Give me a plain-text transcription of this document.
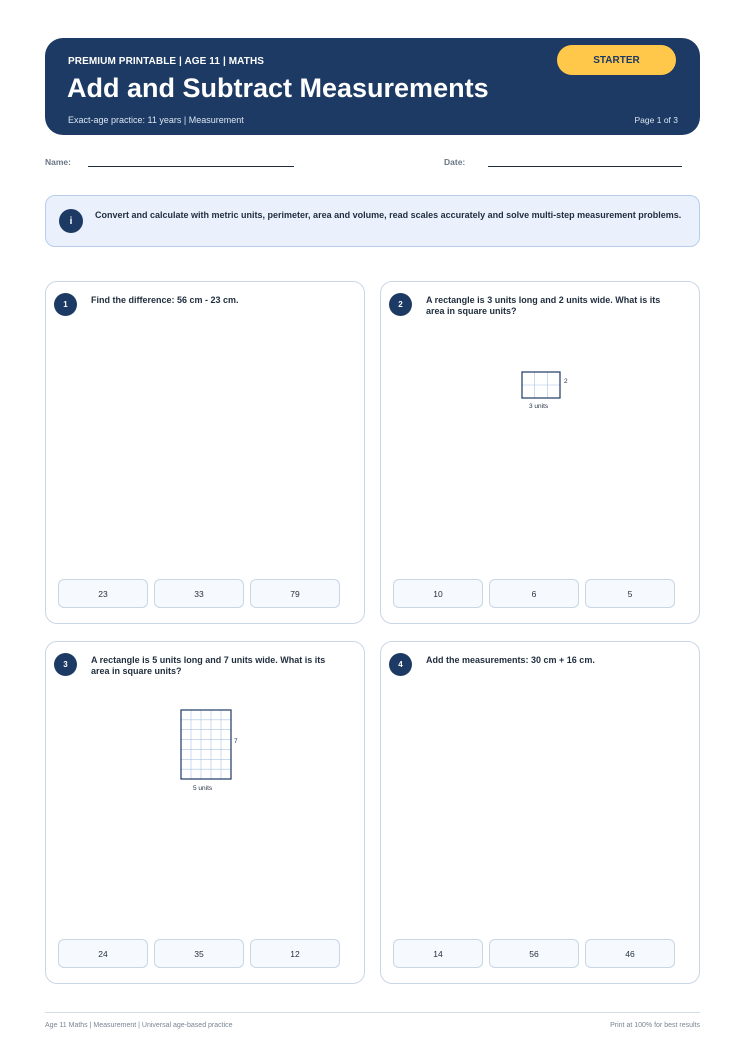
PREMIUM PRINTABLE | AGE 11 | MATHS
Add and Subtract Measurements
Exact-age practice: 11 years | Measurement	Page 1 of 3
STARTER
Name:	Date:
i
Convert and calculate with metric units, perimeter, area and volume, read scales accurately and solve multi-step measurement problems.
1	Find the difference: 56 cm - 23 cm.
23	33	79
2	A rectangle is 3 units long and 2 units wide. What is its area in square units?
2
3 units
10	6	5
3	A rectangle is 5 units long and 7 units wide. What is its area in square units?
7
5 units
24	35	12
4	Add the measurements: 30 cm + 16 cm.
14	56	46
Age 11 Maths | Measurement | Universal age-based practice	Print at 100% for best results
